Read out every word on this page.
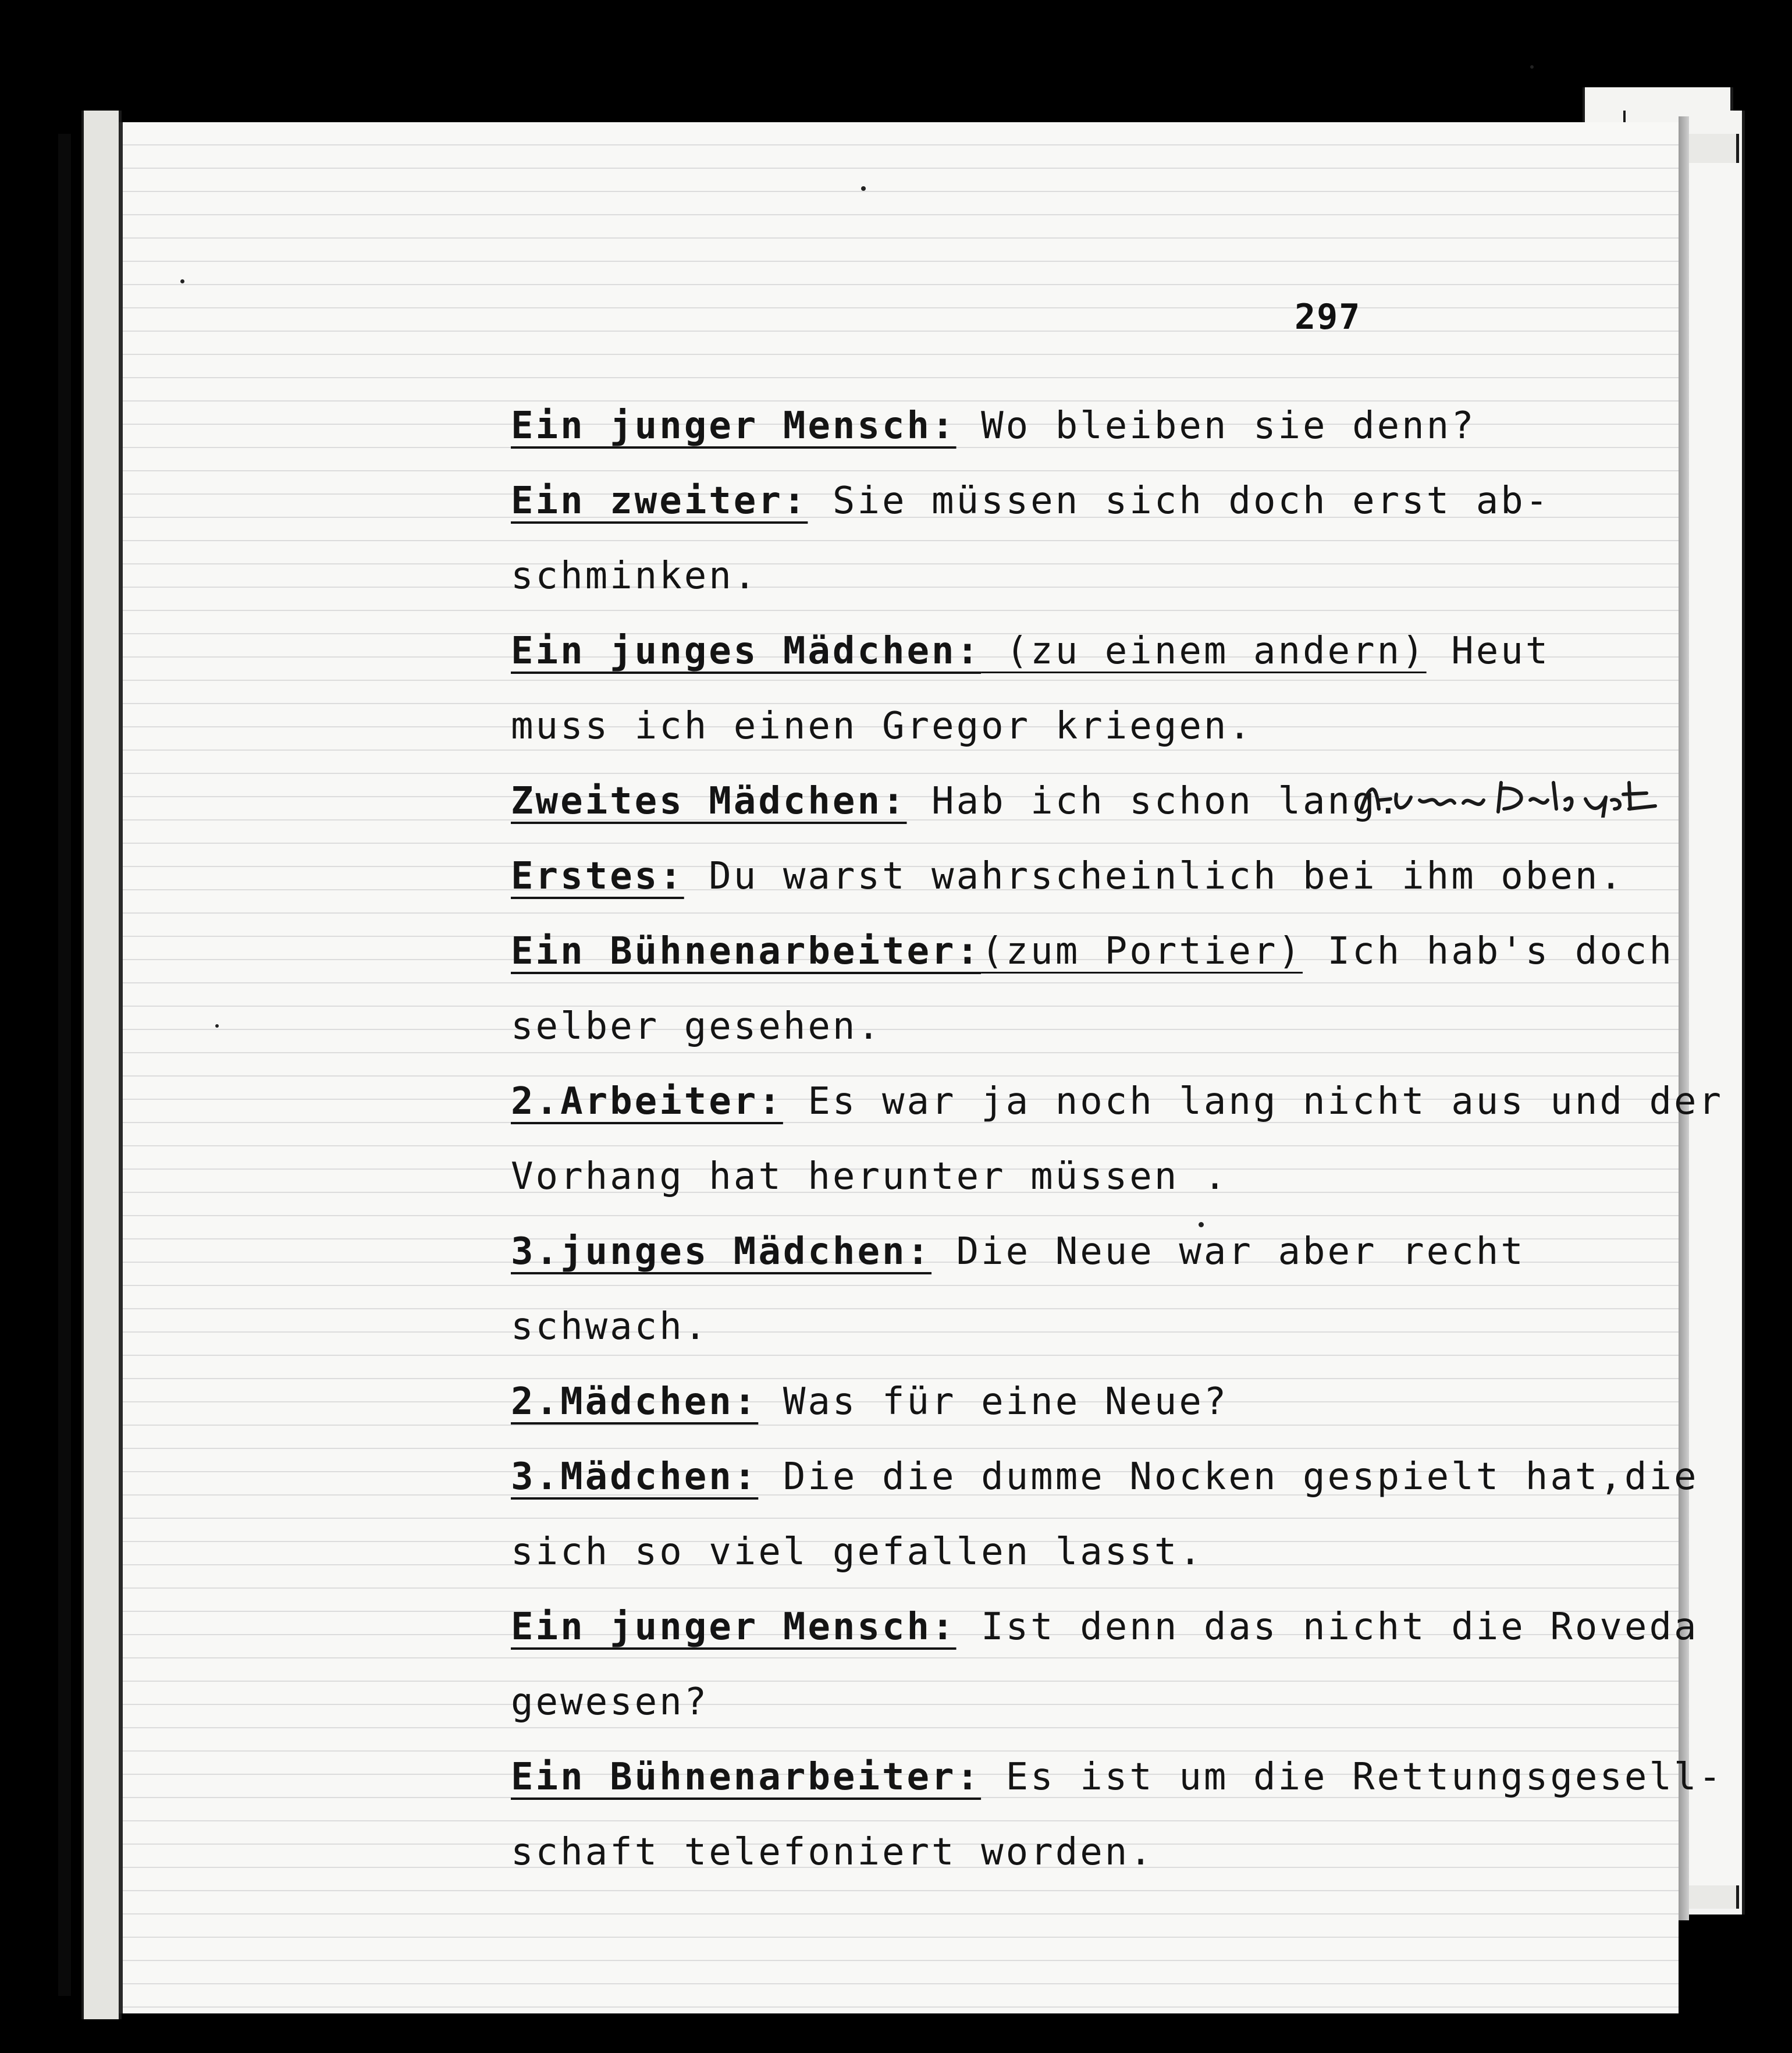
297
Ein junger Mensch: Wo bleiben sie denn?
Ein zweiter: Sie müssen sich doch erst ab-
schminken.
Ein junges Mädchen: (zu einem andern) Heut
muss ich einen Gregor kriegen.
Zweites Mädchen: Hab ich schon lang.
Erstes: Du warst wahrscheinlich bei ihm oben.
Ein Bühnenarbeiter:(zum Portier) Ich hab's doch
selber gesehen.
2.Arbeiter: Es war ja noch lang nicht aus und der
Vorhang hat herunter müssen .
3.junges Mädchen: Die Neue war aber recht
schwach.
2.Mädchen: Was für eine Neue?
3.Mädchen: Die die dumme Nocken gespielt hat,die
sich so viel gefallen lasst.
Ein junger Mensch: Ist denn das nicht die Roveda
gewesen?
Ein Bühnenarbeiter: Es ist um die Rettungsgesell-
schaft telefoniert worden.
